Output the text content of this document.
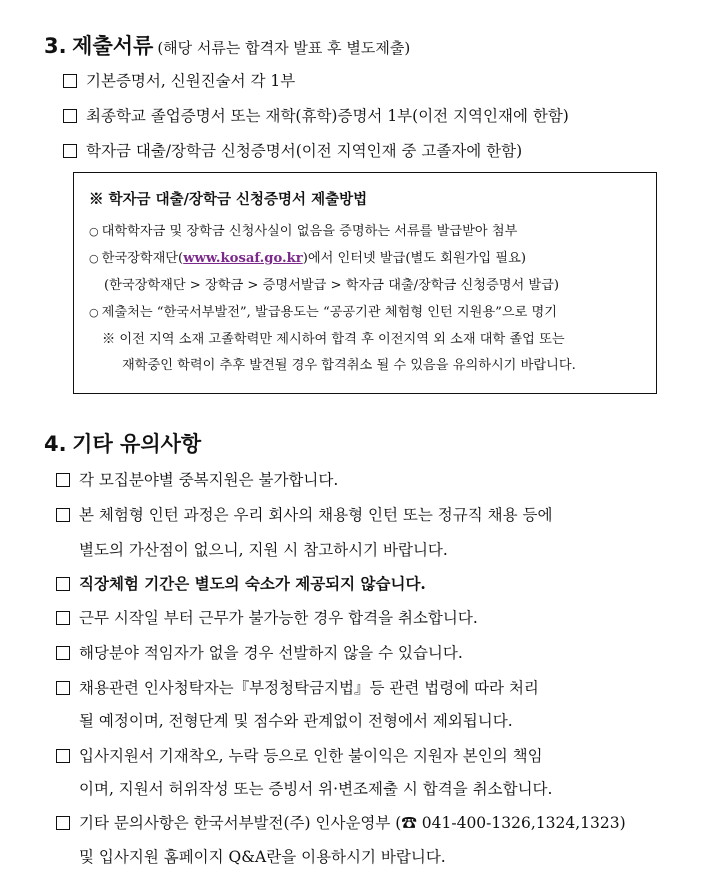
3. 제출서류 (해당 서류는 합격자 발표 후 별도제출)
기본증명서, 신원진술서 각 1부
최종학교 졸업증명서 또는 재학(휴학)증명서 1부(이전 지역인재에 한함)
학자금 대출/장학금 신청증명서(이전 지역인재 중 고졸자에 한함)
※ 학자금 대출/장학금 신청증명서 제출방법
○ 대학학자금 및 장학금 신청사실이 없음을 증명하는 서류를 발급받아 첨부
○ 한국장학재단(www.kosaf.go.kr)에서 인터넷 발급(별도 회원가입 필요)
(한국장학재단 > 장학금 > 증명서발급 > 학자금 대출/장학금 신청증명서 발급)
○ 제출처는 “한국서부발전”, 발급용도는 “공공기관 체험형 인턴 지원용”으로 명기
※ 이전 지역 소재 고졸학력만 제시하여 합격 후 이전지역 외 소재 대학 졸업 또는
재학중인 학력이 추후 발견될 경우 합격취소 될 수 있음을 유의하시기 바랍니다.
4. 기타 유의사항
각 모집분야별 중복지원은 불가합니다.
본 체험형 인턴 과정은 우리 회사의 채용형 인턴 또는 정규직 채용 등에
별도의 가산점이 없으니, 지원 시 참고하시기 바랍니다.
직장체험 기간은 별도의 숙소가 제공되지 않습니다.
근무 시작일 부터 근무가 불가능한 경우 합격을 취소합니다.
해당분야 적임자가 없을 경우 선발하지 않을 수 있습니다.
채용관련 인사청탁자는『부정청탁금지법』등 관련 법령에 따라 처리
될 예정이며, 전형단계 및 점수와 관계없이 전형에서 제외됩니다.
입사지원서 기재착오, 누락 등으로 인한 불이익은 지원자 본인의 책임
이며, 지원서 허위작성 또는 증빙서 위·변조제출 시 합격을 취소합니다.
기타 문의사항은 한국서부발전(주) 인사운영부 (☎ 041-400-1326,1324,1323)
및 입사지원 홈페이지 Q&A란을 이용하시기 바랍니다.
